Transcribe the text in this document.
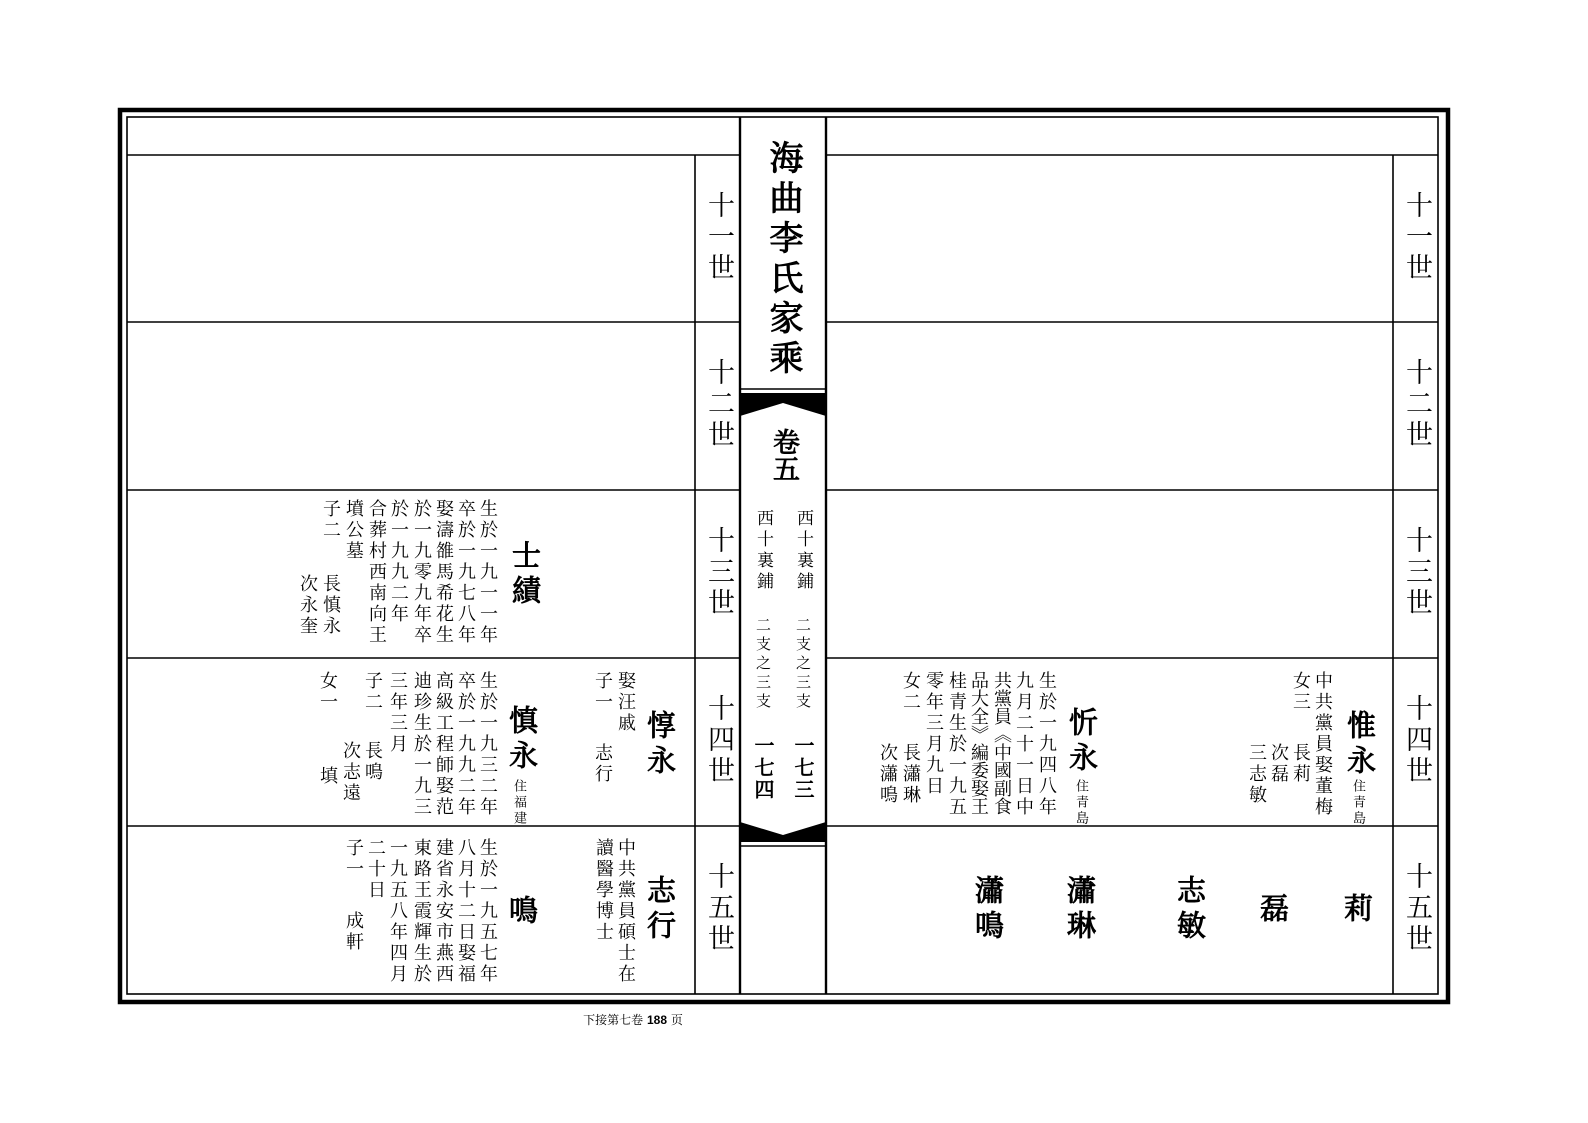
海曲李氏家乘
卷五
西十裏鋪
二支之三支
一七三
西十裏鋪
二支之三支
一七四
十一世
十二世
十三世
十四世
十五世
十一世
十二世
十三世
十四世
十五世
士績
生於一九一一年
卒於一九七八年
娶濤雒馬希花生
於一九零九年卒
於一九九二年
合葬村西南向王
墳公墓
子二
長慎永
次永奎
惇永
娶汪戚
子一
志行
慎永
住福建
生於一九三二年
卒於一九九二年
高級工程師娶范
迪珍生於一九三
三年三月
子二
長鳴
次志遠
女一
填
志行
中共黨員碩士在
讀醫學博士
鳴
生於一九五七年
八月十二日娶福
建省永安市燕西
東路王霞輝生於
一九五八年四月
二十日
子一
成軒
惟永
住青島
中共黨員娶董梅
女三
長莉
次磊
三志敏
忻永
住青島
生於一九四八年
九月二十一日中
共黨員《中國副食
品大全》編委娶王
桂青生於一九五
零年三月九日
女二
長瀟琳
次瀟鳴
莉
磊
志敏
瀟琳
瀟鳴
下接第七卷 188 页
